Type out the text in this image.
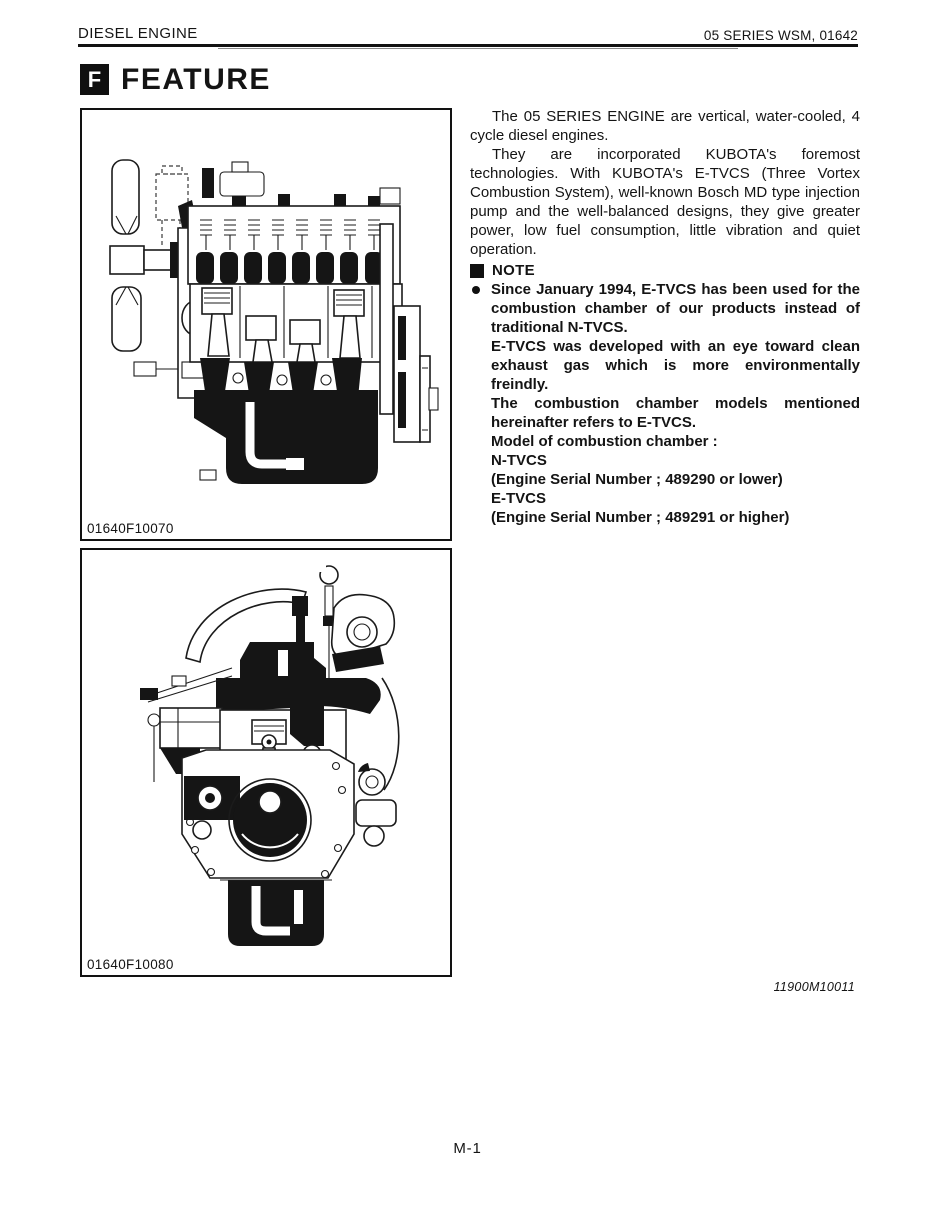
DIESEL ENGINE	05 SERIES WSM, 01642
F FEATURE
01640F10070
01640F10080

The 05 SERIES ENGINE are vertical, water-cooled, 4 cycle diesel engines.

They are incorporated KUBOTA's foremost technologies. With KUBOTA's E-TVCS (Three Vortex Combustion System), well-known Bosch MD type injection pump and the well-balanced designs, they give greater power, low fuel consumption, little vibration and quiet operation.

NOTE
Since January 1994, E-TVCS has been used for the combustion chamber of our products instead of traditional N-TVCS.
E-TVCS was developed with an eye toward clean exhaust gas which is more environmentally freindly.
The combustion chamber models mentioned hereinafter refers to E-TVCS.
Model of combustion chamber :
N-TVCS
(Engine Serial Number ; 489290 or lower)
E-TVCS
(Engine Serial Number ; 489291 or higher)
11900M10011
M-1
